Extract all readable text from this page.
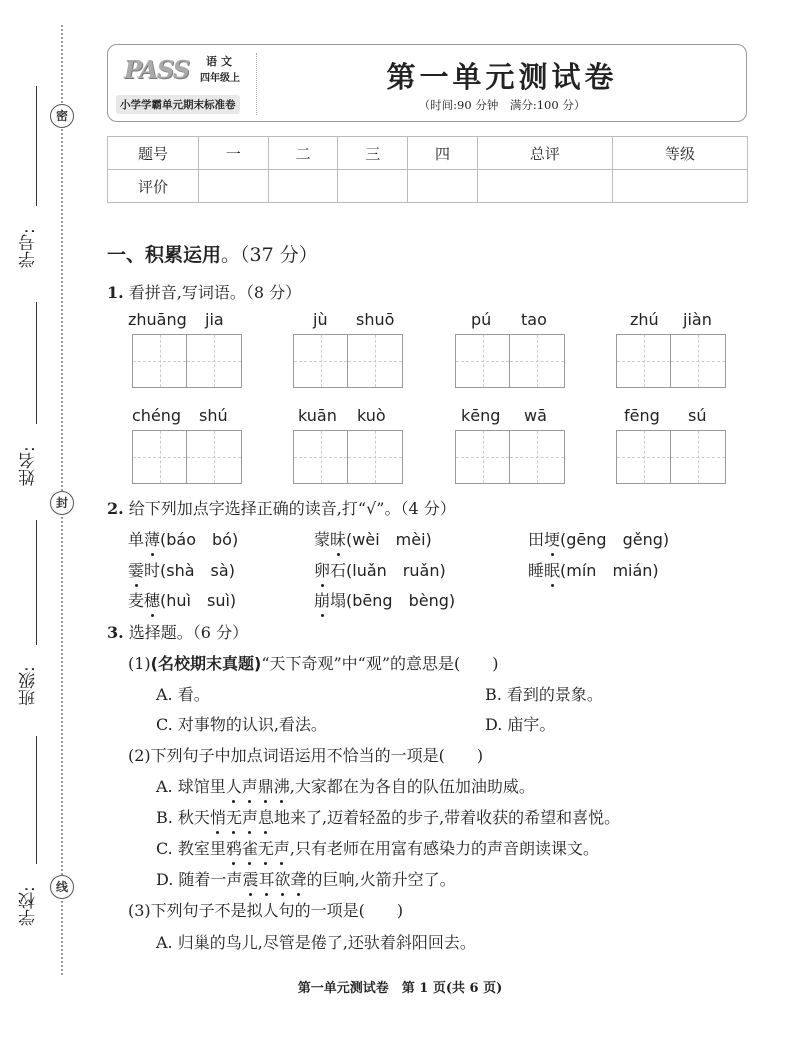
密
封
线
学号:
姓名:
班级:
学校:
PASS 语文
四年级上
小学学霸单元期末标准卷
第一单元测试卷
（时间:90 分钟　满分:100 分）
题号	一	二	三	四	总评	等级
评价						
一、积累运用。（37 分）
1. 看拼音,写词语。（8 分）
zhuāng jia	jù shuō	pú tao	zhú jiàn
chéng shú	kuān kuò	kēng wā	fēng sú
2. 给下列加点字选择正确的读音,打“√”。（4 分）
单薄(báo　bó)	蒙昧(wèi　mèi)	田埂(gēng　gěng)
霎时(shà　sà)	卵石(luǎn　ruǎn)	睡眠(mín　mián)
麦穗(huì　suì)	崩塌(bēng　bèng)
3. 选择题。（6 分）
(1)(名校期末真题)“天下奇观”中“观”的意思是(　　)
A. 看。	B. 看到的景象。
C. 对事物的认识,看法。	D. 庙宇。
(2)下列句子中加点词语运用不恰当的一项是(　　)
A. 球馆里人声鼎沸,大家都在为各自的队伍加油助威。
B. 秋天悄无声息地来了,迈着轻盈的步子,带着收获的希望和喜悦。
C. 教室里鸦雀无声,只有老师在用富有感染力的声音朗读课文。
D. 随着一声震耳欲聋的巨响,火箭升空了。
(3)下列句子不是拟人句的一项是(　　)
A. 归巢的鸟儿,尽管是倦了,还驮着斜阳回去。
第一单元测试卷　第 1 页(共 6 页)
